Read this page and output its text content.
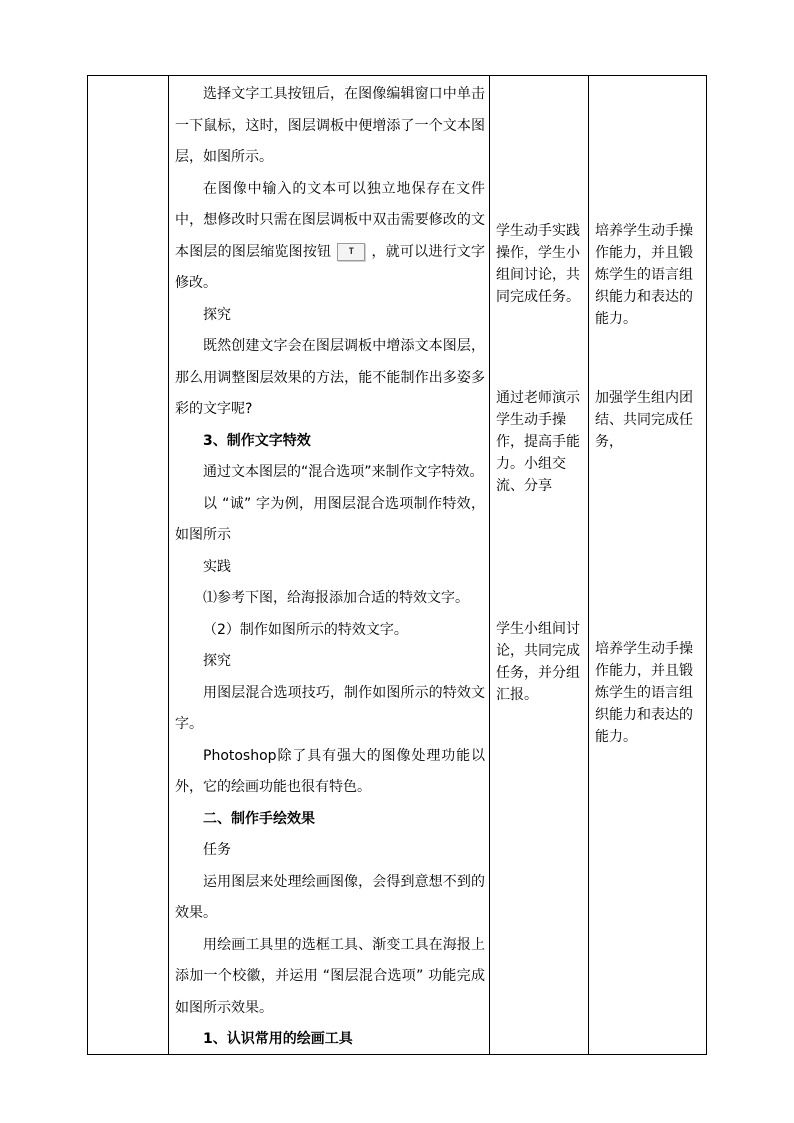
选择文字工具按钮后，在图像编辑窗口中单击一下鼠标，这时，图层调板中便增添了一个文本图层，如图所示。

在图像中输入的文本可以独立地保存在文件中，想修改时只需在图层调板中双击需要修改的文本图层的图层缩览图按钮	T	，就可以进行文字修改。

探究

既然创建文字会在图层调板中增添文本图层，那么用调整图层效果的方法，能不能制作出多姿多彩的文字呢?

3、制作文字特效

通过文本图层的“混合选项”来制作文字特效。

以 “诚” 字为例，用图层混合选项制作特效，如图所示

实践

⑴参考下图，给海报添加合适的特效文字。

（2）制作如图所示的特效文字。

探究

用图层混合选项技巧，制作如图所示的特效文字。

Photoshop除了具有强大的图像处理功能以外，它的绘画功能也很有特色。

二、制作手绘效果

任务

运用图层来处理绘画图像，会得到意想不到的效果。

用绘画工具里的选框工具、渐变工具在海报上添加一个校徽，并运用 “图层混合选项” 功能完成如图所示效果。

1、认识常用的绘画工具

学生动手实践操作，学生小组间讨论，共同完成任务。

通过老师演示学生动手操作，提高手能力。小组交流、分享

学生小组间讨论，共同完成任务，并分组汇报。

培养学生动手操作能力，并且锻炼学生的语言组织能力和表达的能力。

加强学生组内团结、共同完成任务，

培养学生动手操作能力，并且锻炼学生的语言组织能力和表达的能力。
